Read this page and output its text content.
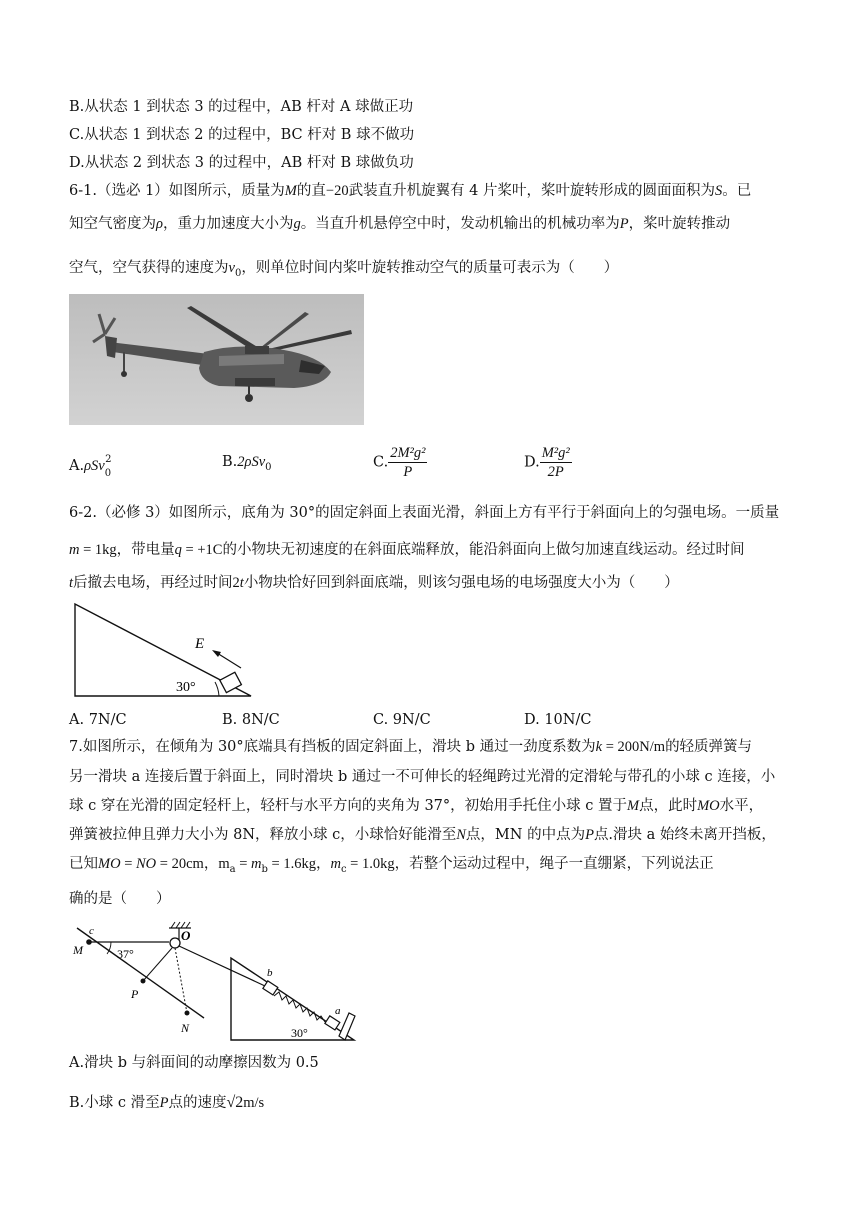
B.从状态 1 到状态 3 的过程中，AB 杆对 A 球做正功
C.从状态 1 到状态 2 的过程中，BC 杆对 B 球不做功
D.从状态 2 到状态 3 的过程中，AB 杆对 B 球做负功
6-1.（选必 1）如图所示，质量为M的直−20武装直升机旋翼有 4 片桨叶，桨叶旋转形成的圆面面积为S。已
知空气密度为ρ，重力加速度大小为g。当直升机悬停空中时，发动机输出的机械功率为P，桨叶旋转推动
空气，空气获得的速度为$v_0$，则单位时间内桨叶旋转推动空气的质量可表示为（　　）
A.ρSv$_0^2$	B.2ρSv$_0$	C. $\frac{\text{2M²g²}}{P}$	D. $\frac{\text{M²g²}}{2P}$
6-2.（必修 3）如图所示，底角为 30°的固定斜面上表面光滑，斜面上方有平行于斜面向上的匀强电场。一质量
m = 1kg，带电量q = +1C的小物块无初速度的在斜面底端释放，能沿斜面向上做匀加速直线运动。经过时间
t后撤去电场，再经过时间2t小物块恰好回到斜面底端，则该匀强电场的电场强度大小为（　　）
E
30°
A. 7N/C	B. 8N/C	C. 9N/C	D. 10N/C
7.如图所示，在倾角为 30°底端具有挡板的固定斜面上，滑块 b 通过一劲度系数为k = 200N/m的轻质弹簧与
另一滑块 a 连接后置于斜面上，同时滑块 b 通过一不可伸长的轻绳跨过光滑的定滑轮与带孔的小球 c 连接，小
球 c 穿在光滑的固定轻杆上，轻杆与水平方向的夹角为 37°，初始用手托住小球 c 置于M点，此时MO水平，
弹簧被拉伸且弹力大小为 8N，释放小球 c，小球恰好能滑至N点，MN 的中点为P点.滑块 a 始终未离开挡板，
已知MO = NO = 20cm，$m_a = m_b = 1.6kg$，$m_c = 1.0kg$，若整个运动过程中，绳子一直绷紧，下列说法正
确的是（　　）
O
c
M	37°
P
N
b
a
30°
A.滑块 b 与斜面间的动摩擦因数为 0.5
B.小球 c 滑至P点的速度√2m/s
